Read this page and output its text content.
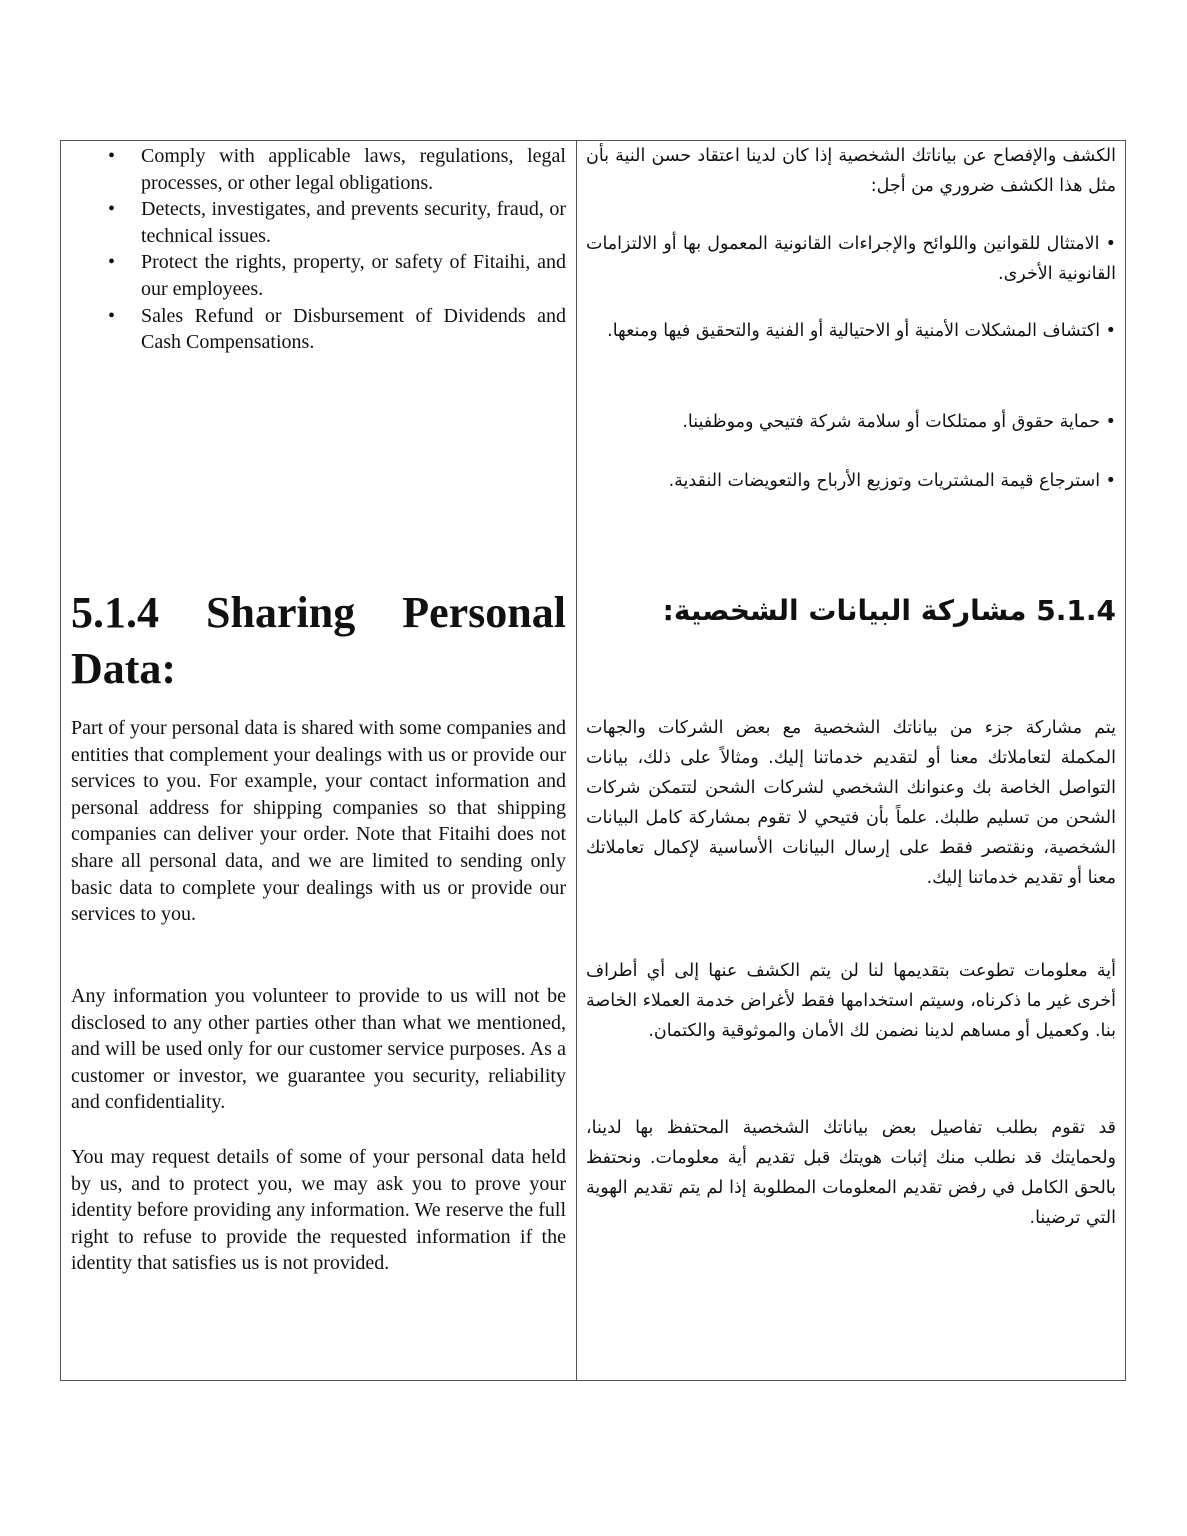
• Comply with applicable laws, regulations, legal processes, or other legal obligations.
• Detects, investigates, and prevents security, fraud, or technical issues.
• Protect the rights, property, or safety of Fitaihi, and our employees.
• Sales Refund or Disbursement of Dividends and Cash Compensations.
5.1.4 Sharing Personal
Data:

Part of your personal data is shared with some companies and entities that complement your dealings with us or provide our services to you. For example, your contact information and personal address for shipping companies so that shipping companies can deliver your order. Note that Fitaihi does not share all personal data, and we are limited to sending only basic data to complete your dealings with us or provide our services to you.

Any information you volunteer to provide to us will not be disclosed to any other parties other than what we mentioned, and will be used only for our customer service purposes. As a customer or investor, we guarantee you security, reliability and confidentiality.

You may request details of some of your personal data held by us, and to protect you, we may ask you to prove your identity before providing any information. We reserve the full right to refuse to provide the requested information if the identity that satisfies us is not provided.

الكشف والإفصاح عن بياناتك الشخصية إذا كان لدينا اعتقاد حسن النية بأن مثل هذا الكشف ضروري من أجل:

• الامتثال للقوانين واللوائح والإجراءات القانونية المعمول بها أو الالتزامات القانونية الأخرى.

• اكتشاف المشكلات الأمنية أو الاحتيالية أو الفنية والتحقيق فيها ومنعها.

• حماية حقوق أو ممتلكات أو سلامة شركة فتيحي وموظفينا.

• استرجاع قيمة المشتريات وتوزيع الأرباح والتعويضات النقدية.

5.1.4 مشاركة البيانات الشخصية:

يتم مشاركة جزء من بياناتك الشخصية مع بعض الشركات والجهات المكملة لتعاملاتك معنا أو لتقديم خدماتنا إليك. ومثالاً على ذلك، بيانات التواصل الخاصة بك وعنوانك الشخصي لشركات الشحن لتتمكن شركات الشحن من تسليم طلبك. علماً بأن فتيحي لا تقوم بمشاركة كامل البيانات الشخصية، ونقتصر فقط على إرسال البيانات الأساسية لإكمال تعاملاتك معنا أو تقديم خدماتنا إليك.

أية معلومات تطوعت بتقديمها لنا لن يتم الكشف عنها إلى أي أطراف أخرى غير ما ذكرناه، وسيتم استخدامها فقط لأغراض خدمة العملاء الخاصة بنا. وكعميل أو مساهم لدينا نضمن لك الأمان والموثوقية والكتمان.

قد تقوم بطلب تفاصيل بعض بياناتك الشخصية المحتفظ بها لدينا، ولحمايتك قد نطلب منك إثبات هويتك قبل تقديم أية معلومات. ونحتفظ بالحق الكامل في رفض تقديم المعلومات المطلوبة إذا لم يتم تقديم الهوية التي ترضينا.
